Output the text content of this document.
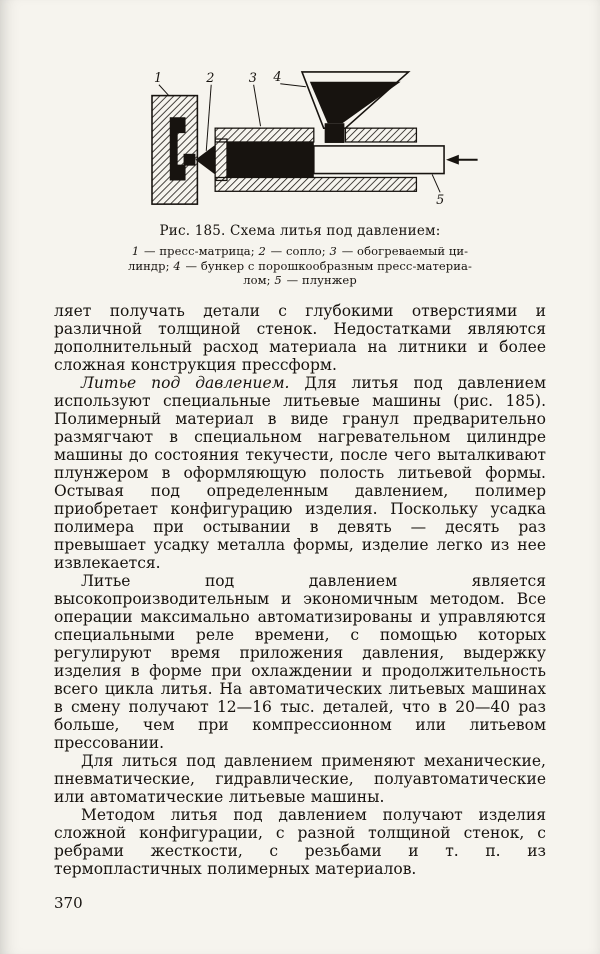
1	2	3 4
5
Рис. 185. Схема литья под давлением:
1 — пресс-матрица; 2 — сопло; 3 — обогреваемый ци-
линдр; 4 — бункер с порошкообразным пресс-материа-
лом; 5 — плунжер

ляет получать детали с глубокими отверстиями и различной толщиной стенок. Недостатками являются дополнительный расход материала на литники и более сложная конструкция прессформ.

Литье под давлением. Для литья под давлением используют специальные литьевые машины (рис. 185). Полимерный материал в виде гранул предварительно размягчают в специальном нагревательном цилиндре машины до состояния текучести, после чего выталкивают плунжером в оформляющую полость литьевой формы. Остывая под определенным давлением, полимер приобретает конфигурацию изделия. Поскольку усадка полимера при остывании в девять — десять раз превышает усадку металла формы, изделие легко из нее извлекается.

Литье под давлением является высокопроизводительным и экономичным методом. Все операции максимально автоматизированы и управляются специальными реле времени, с помощью которых регулируют время приложения давления, выдержку изделия в форме при охлаждении и продолжительность всего цикла литья. На автоматических литьевых машинах в смену получают 12—16 тыс. деталей, что в 20—40 раз больше, чем при компрессионном или литьевом прессовании.

Для литься под давлением применяют механические, пневматические, гидравлические, полуавтоматические или автоматические литьевые машины.

Методом литья под давлением получают изделия сложной конфигурации, с разной толщиной стенок, с ребрами жесткости, с резьбами и т. п. из термопластичных полимерных материалов.

370
